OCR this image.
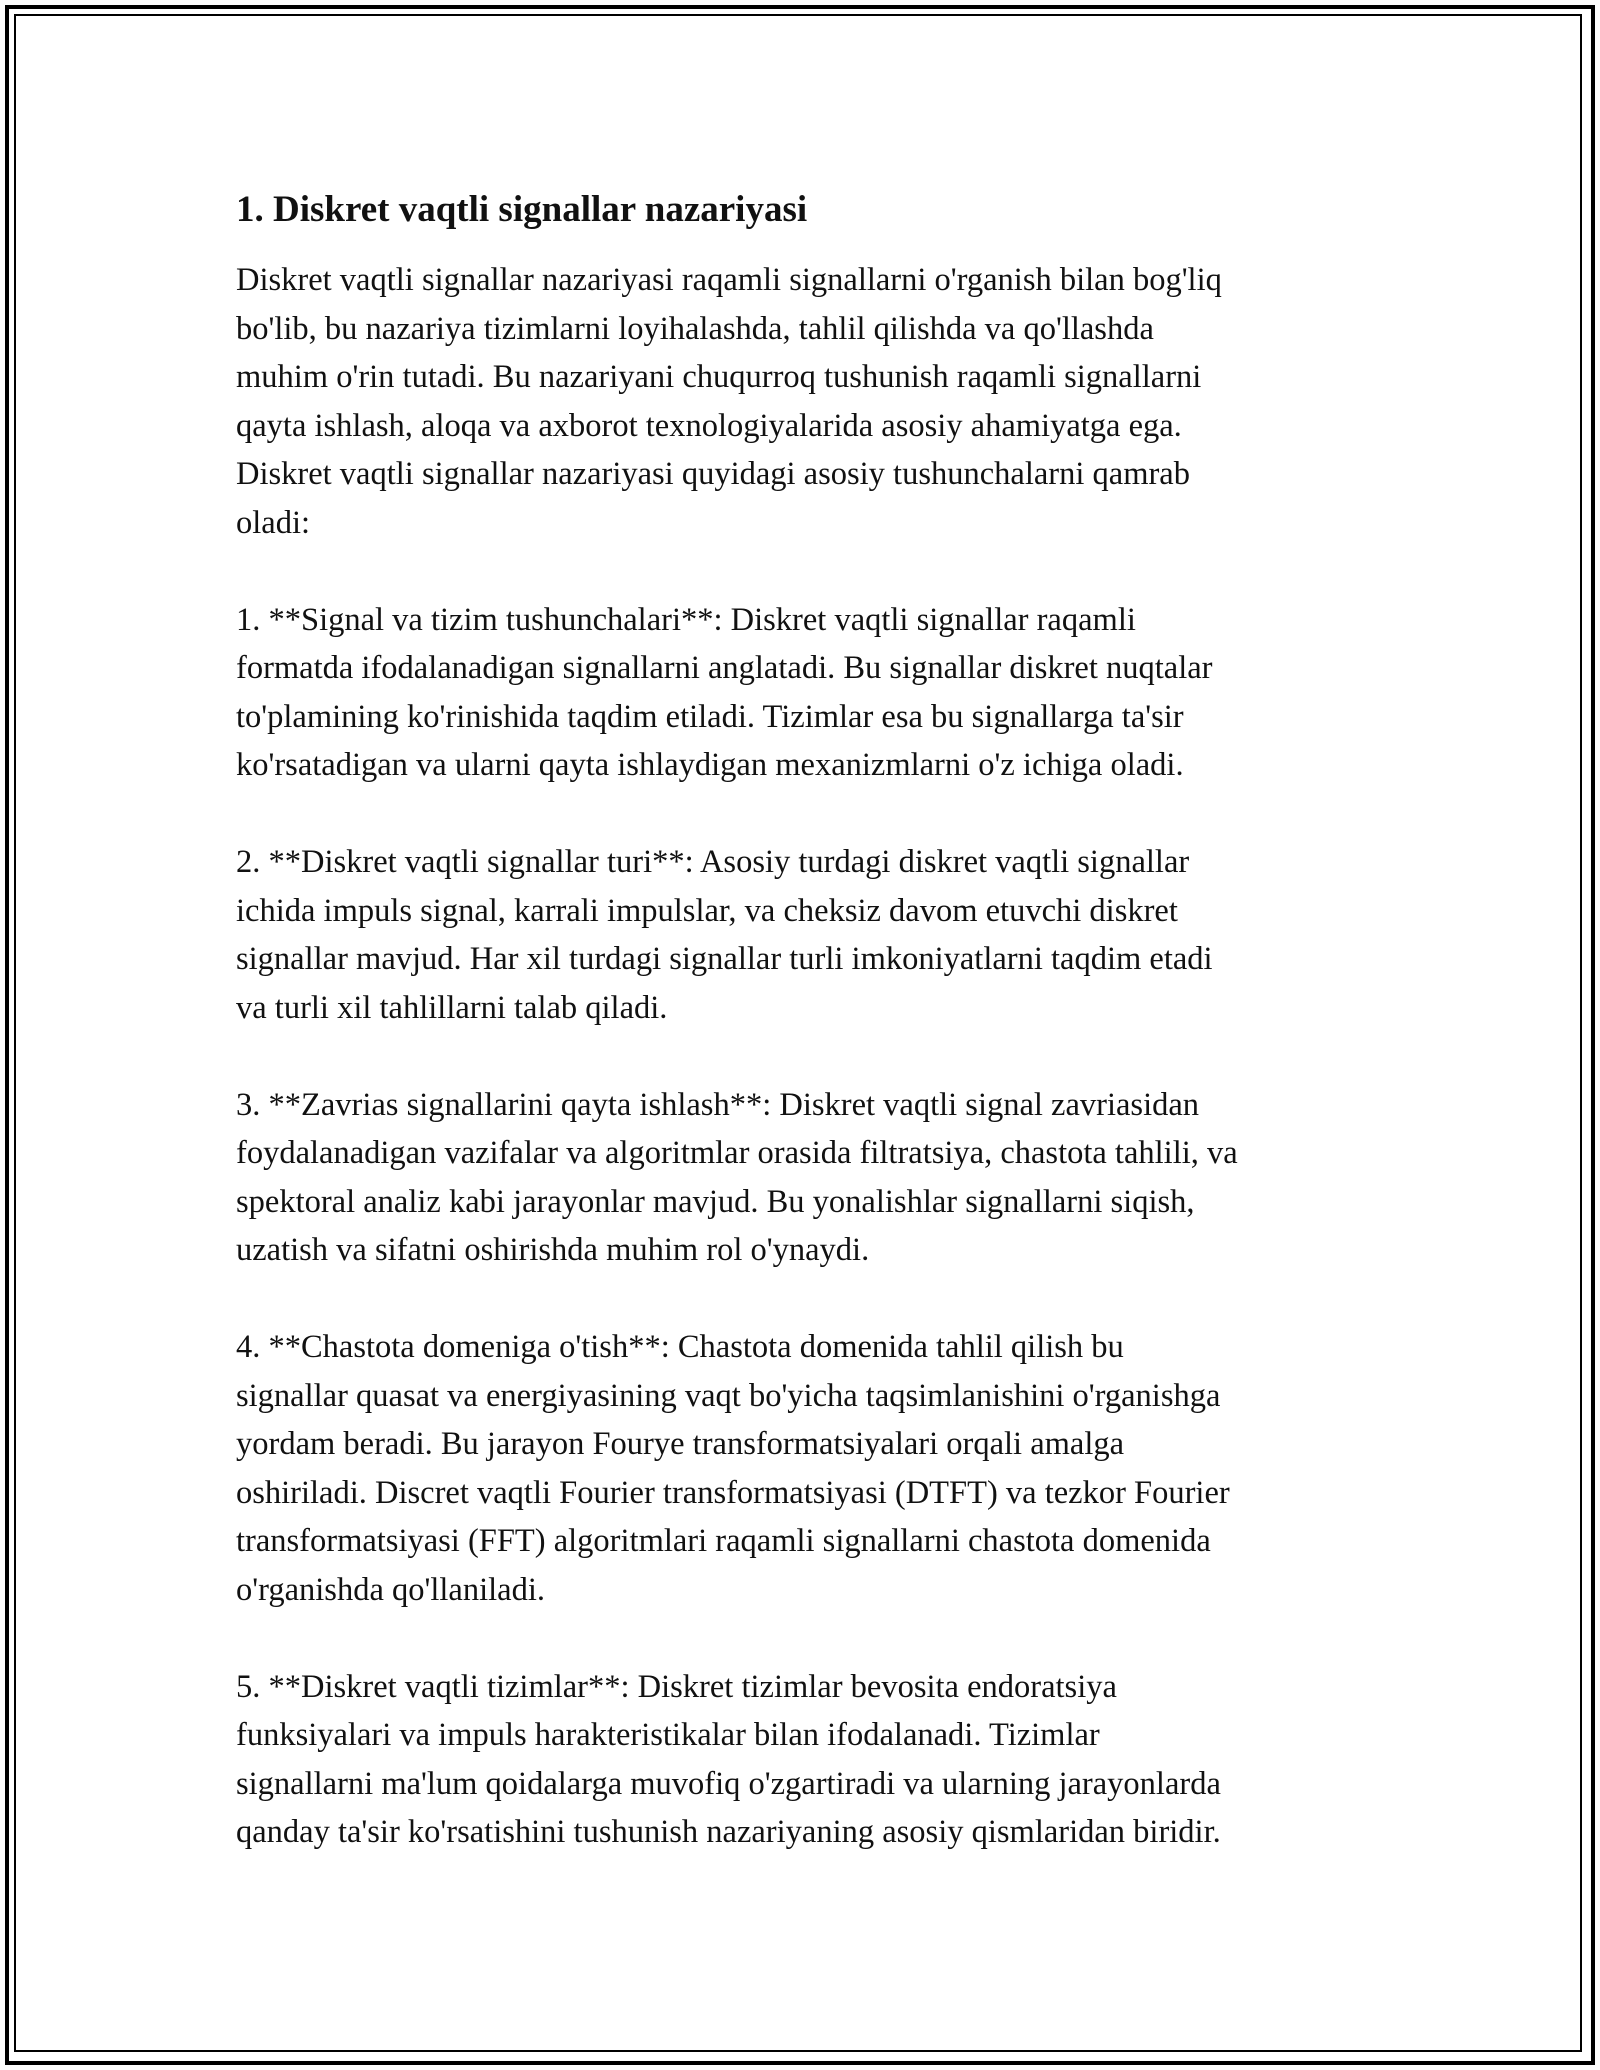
1. Diskret vaqtli signallar nazariyasi

Diskret vaqtli signallar nazariyasi raqamli signallarni o'rganish bilan bog'liq
bo'lib, bu nazariya tizimlarni loyihalashda, tahlil qilishda va qo'llashda
muhim o'rin tutadi. Bu nazariyani chuqurroq tushunish raqamli signallarni
qayta ishlash, aloqa va axborot texnologiyalarida asosiy ahamiyatga ega.
Diskret vaqtli signallar nazariyasi quyidagi asosiy tushunchalarni qamrab
oladi:

1. **Signal va tizim tushunchalari**: Diskret vaqtli signallar raqamli
formatda ifodalanadigan signallarni anglatadi. Bu signallar diskret nuqtalar
to'plamining ko'rinishida taqdim etiladi. Tizimlar esa bu signallarga ta'sir
ko'rsatadigan va ularni qayta ishlaydigan mexanizmlarni o'z ichiga oladi.

2. **Diskret vaqtli signallar turi**: Asosiy turdagi diskret vaqtli signallar
ichida impuls signal, karrali impulslar, va cheksiz davom etuvchi diskret
signallar mavjud. Har xil turdagi signallar turli imkoniyatlarni taqdim etadi
va turli xil tahlillarni talab qiladi.

3. **Zavrias signallarini qayta ishlash**: Diskret vaqtli signal zavriasidan
foydalanadigan vazifalar va algoritmlar orasida filtratsiya, chastota tahlili, va
spektoral analiz kabi jarayonlar mavjud. Bu yonalishlar signallarni siqish,
uzatish va sifatni oshirishda muhim rol o'ynaydi.

4. **Chastota domeniga o'tish**: Chastota domenida tahlil qilish bu
signallar quasat va energiyasining vaqt bo'yicha taqsimlanishini o'rganishga
yordam beradi. Bu jarayon Fourye transformatsiyalari orqali amalga
oshiriladi. Discret vaqtli Fourier transformatsiyasi (DTFT) va tezkor Fourier
transformatsiyasi (FFT) algoritmlari raqamli signallarni chastota domenida
o'rganishda qo'llaniladi.

5. **Diskret vaqtli tizimlar**: Diskret tizimlar bevosita endoratsiya
funksiyalari va impuls harakteristikalar bilan ifodalanadi. Tizimlar
signallarni ma'lum qoidalarga muvofiq o'zgartiradi va ularning jarayonlarda
qanday ta'sir ko'rsatishini tushunish nazariyaning asosiy qismlaridan biridir.
